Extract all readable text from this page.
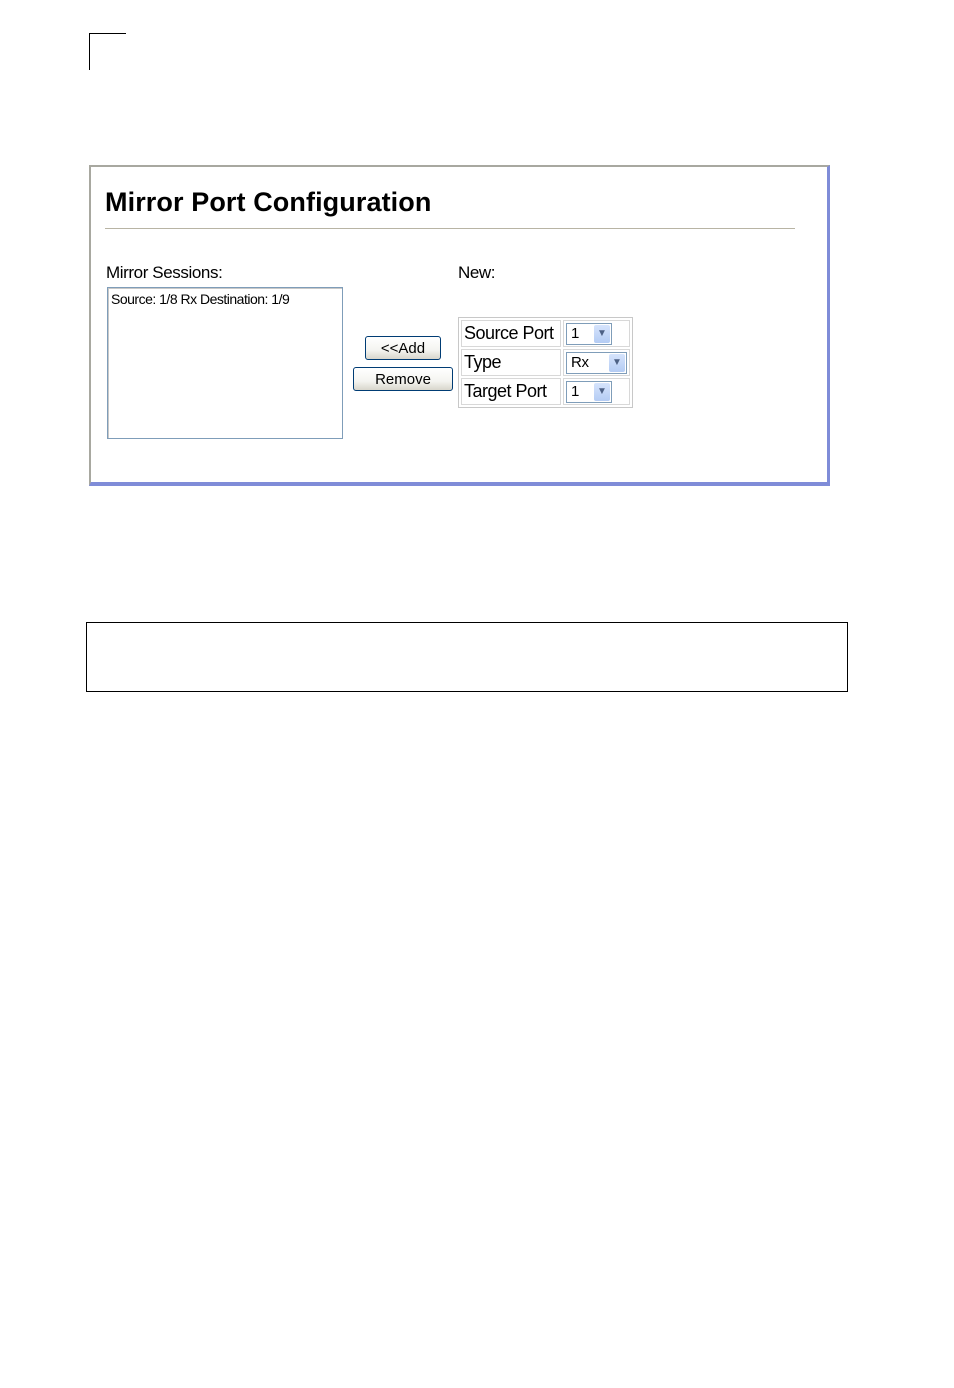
Mirror Port Configuration
Mirror Sessions:	New:
Source: 1/8 Rx Destination: 1/9
<<Add
Remove
Source Port	1 ▼

Type	Rx ▼

Target Port	1 ▼
